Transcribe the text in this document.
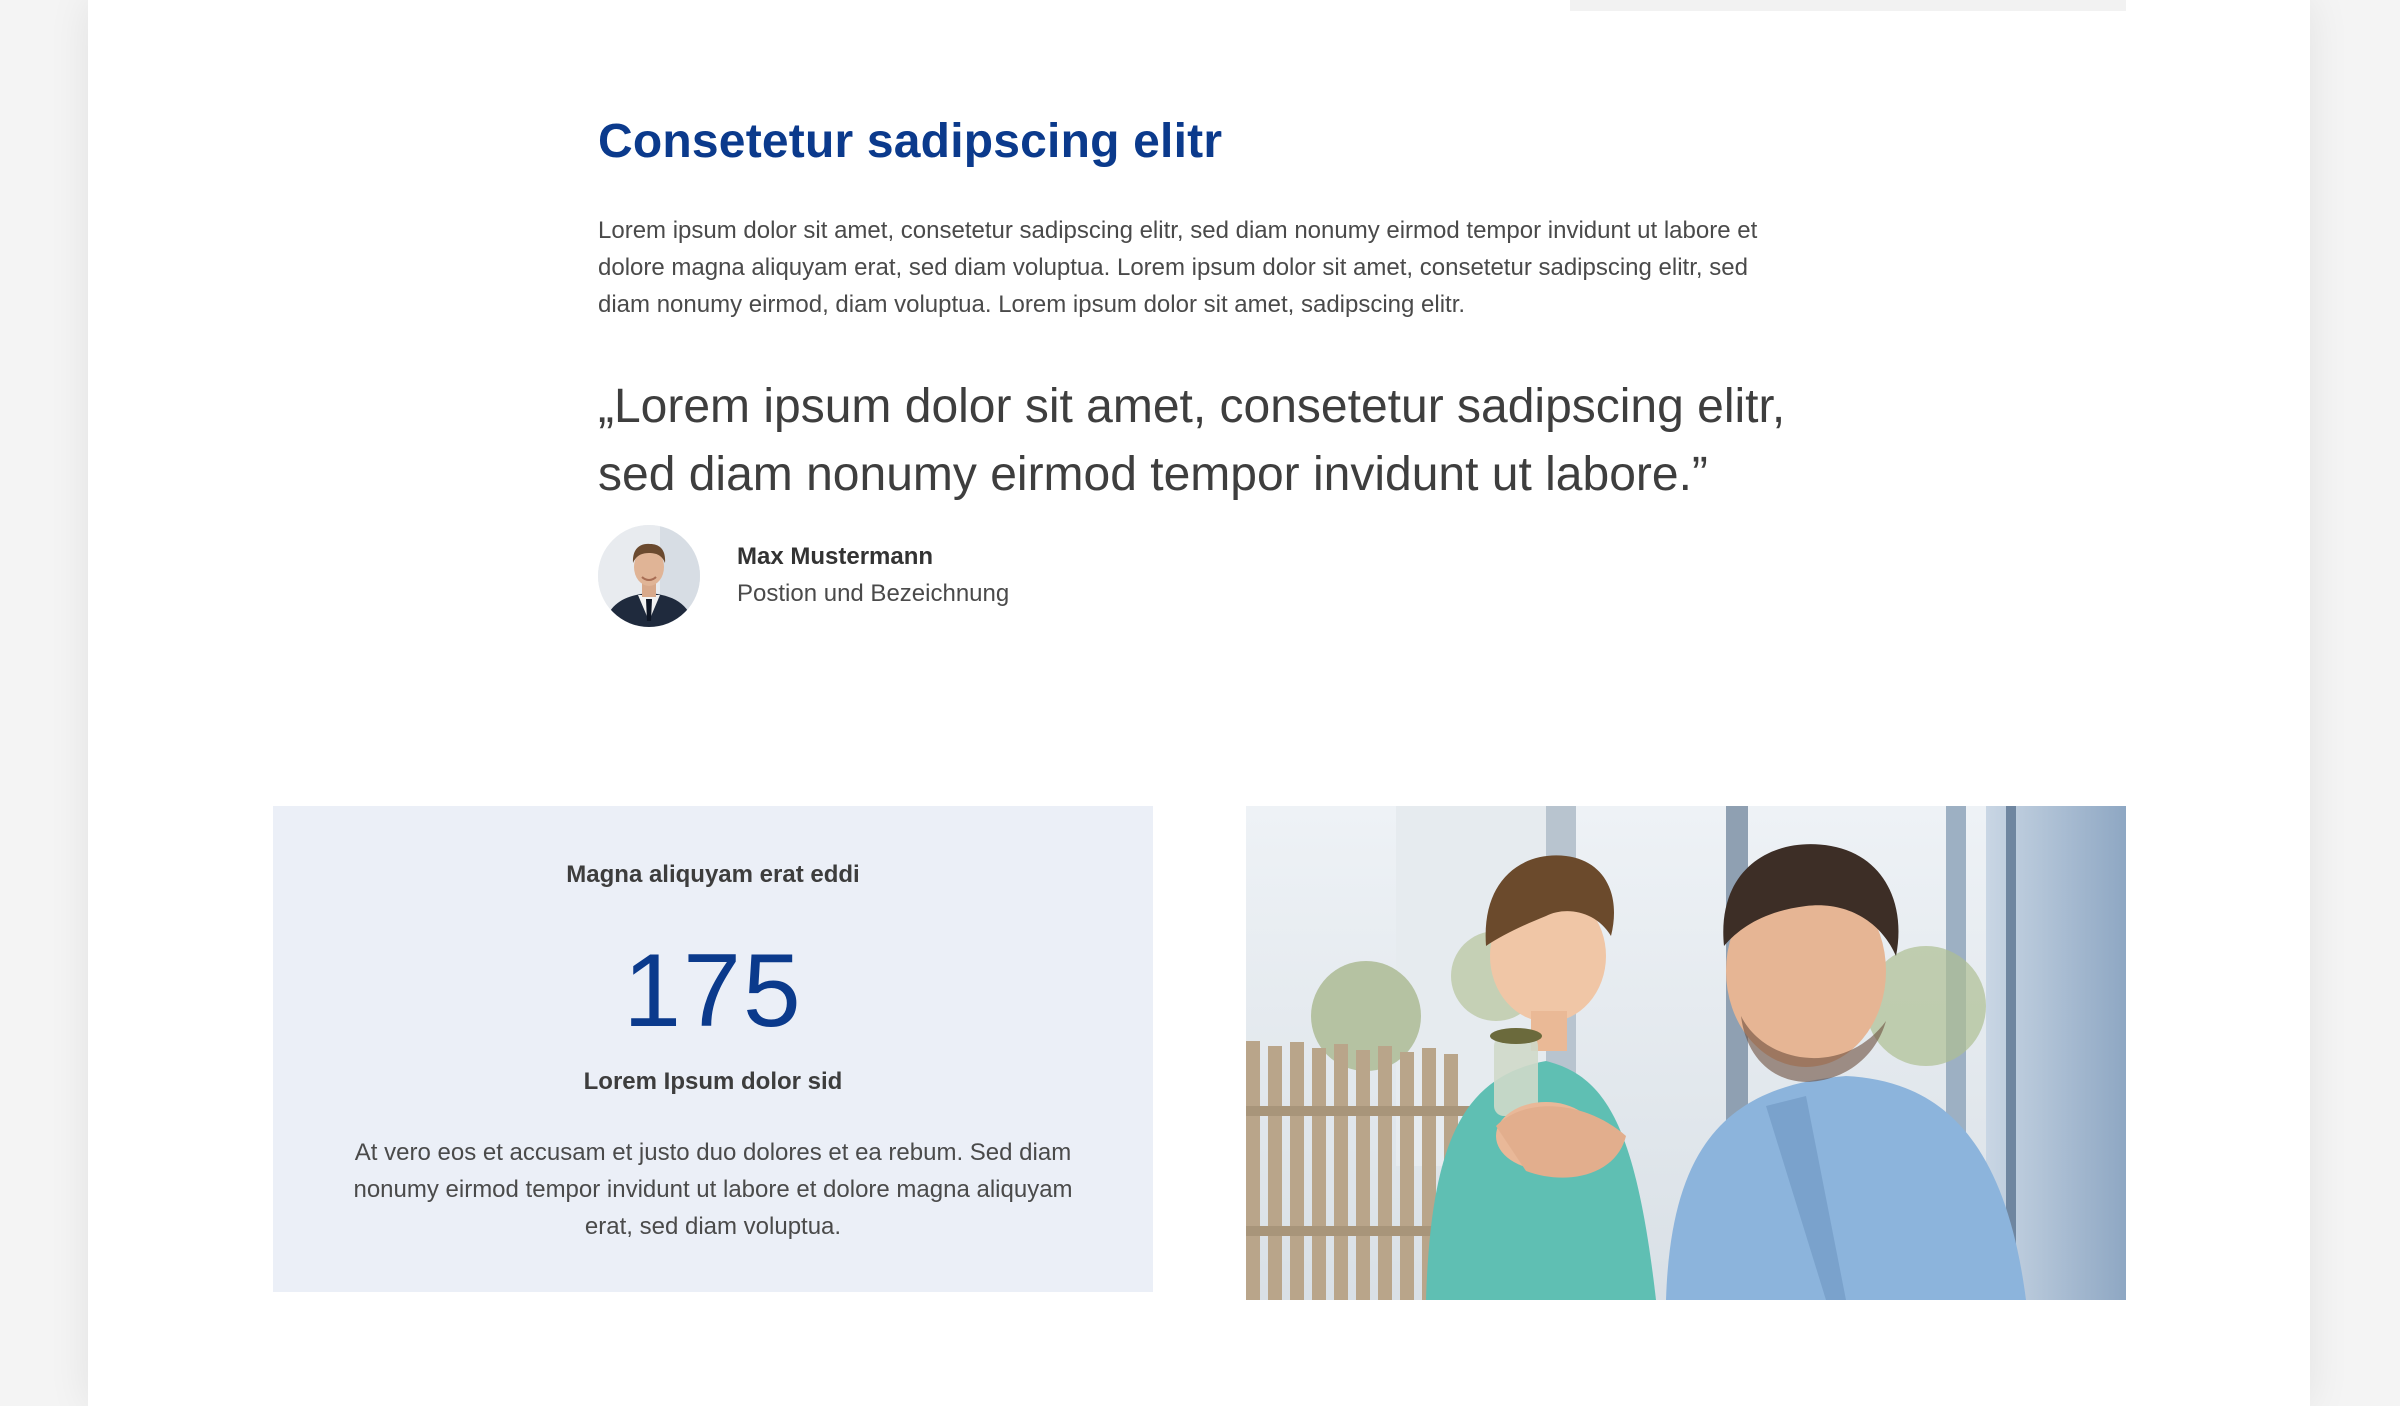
Consetetur sadipscing elitr

Lorem ipsum dolor sit amet, consetetur sadipscing elitr, sed diam nonumy eirmod tempor invidunt ut labore et dolore magna aliquyam erat, sed diam voluptua. Lorem ipsum dolor sit amet, consetetur sadipscing elitr, sed diam nonumy eirmod, diam voluptua. Lorem ipsum dolor sit amet, sadipscing elitr.

„Lorem ipsum dolor sit amet, consetetur sadipscing elitr, sed diam nonumy eirmod tempor invidunt ut labore.”

Max Mustermann
Postion und Bezeichnung
Magna aliquyam erat eddi
175
Lorem Ipsum dolor sid
At vero eos et accusam et justo duo dolores et ea rebum. Sed diam nonumy eirmod tempor invidunt ut labore et dolore magna aliquyam erat, sed diam voluptua.
